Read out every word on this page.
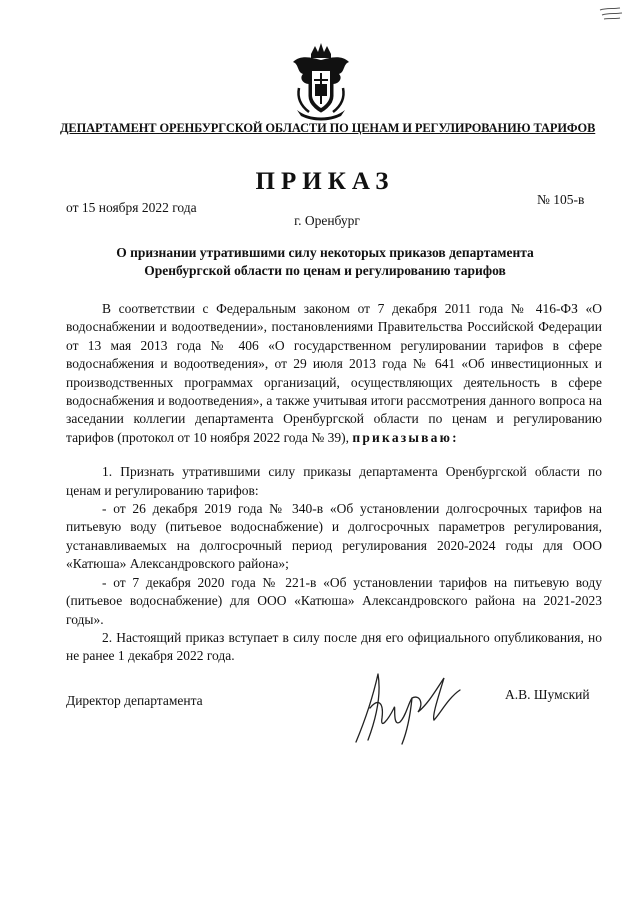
ДЕПАРТАМЕНТ ОРЕНБУРГСКОЙ ОБЛАСТИ ПО ЦЕНАМ И РЕГУЛИРОВАНИЮ ТАРИФОВ
ПРИКАЗ
от 15 ноября 2022 года
№ 105-в
г. Оренбург
О признании утратившими силу некоторых приказов департамента
Оренбургской области по ценам и регулированию тарифов

В соответствии с Федеральным законом от 7 декабря 2011 года № 416-ФЗ «О водоснабжении и водоотведении», постановлениями Правительства Российской Федерации от 13 мая 2013 года № 406 «О государственном регулировании тарифов в сфере водоснабжения и водоотведения», от 29 июля 2013 года № 641 «Об инвестиционных и производственных программах организаций, осуществляющих деятельность в сфере водоснабжения и водоотведения», а также учитывая итоги рассмотрения данного вопроса на заседании коллегии департамента Оренбургской области по ценам и регулированию тарифов (протокол от 10 ноября 2022 года № 39), приказываю:

1. Признать утратившими силу приказы департамента Оренбургской области по ценам и регулированию тарифов:

- от 26 декабря 2019 года № 340-в «Об установлении долгосрочных тарифов на питьевую воду (питьевое водоснабжение) и долгосрочных параметров регулирования, устанавливаемых на долгосрочный период регулирования 2020-2024 годы для ООО «Катюша» Александровского района»;

- от 7 декабря 2020 года № 221-в «Об установлении тарифов на питьевую воду (питьевое водоснабжение) для ООО «Катюша» Александровского района на 2021-2023 годы».

2. Настоящий приказ вступает в силу после дня его официального опубликования, но не ранее 1 декабря 2022 года.

Директор департамента	А.В. Шумский
